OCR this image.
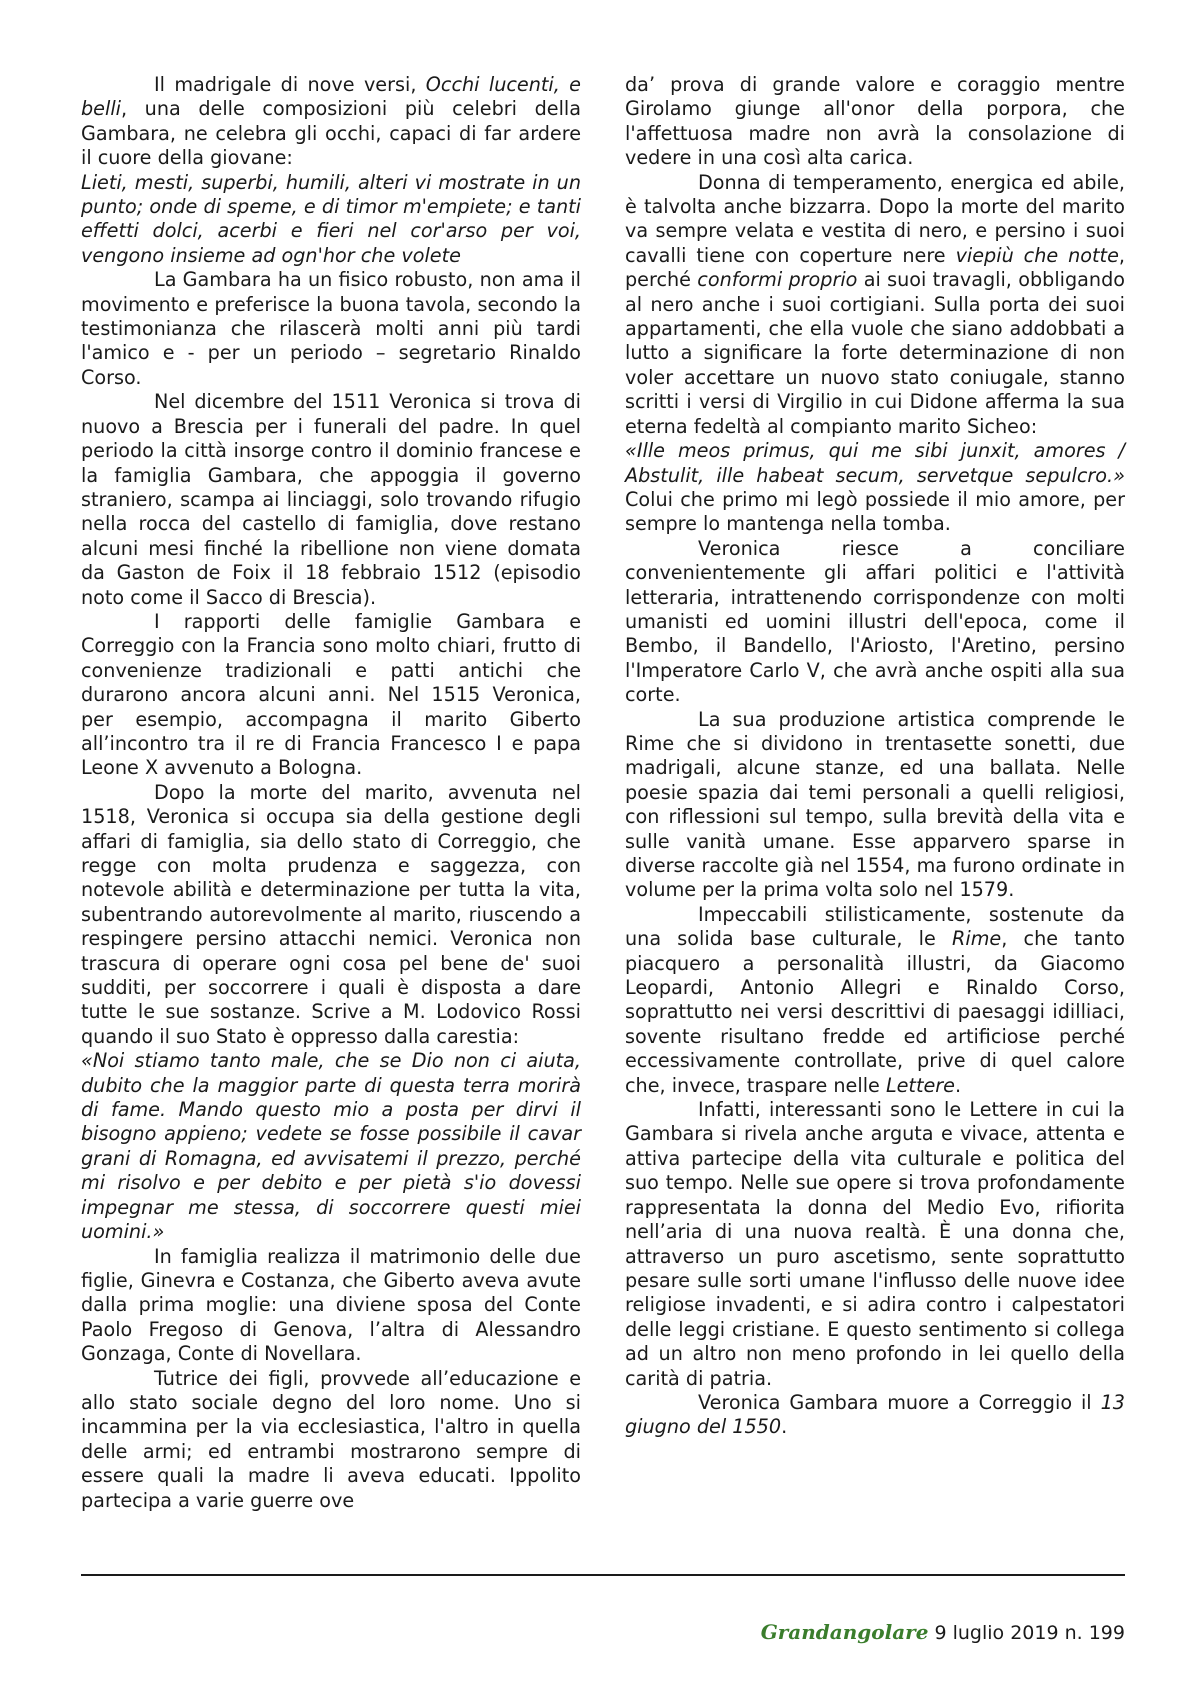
Il madrigale di nove versi, Occhi lucenti, e belli, una delle composizioni più celebri della Gambara, ne celebra gli occhi, capaci di far ardere il cuore della giovane:

Lieti, mesti, superbi, humili, alteri vi mostrate in un punto; onde di speme, e di timor m'empiete; e tanti effetti dolci, acerbi e fieri nel cor'arso per voi, vengono insieme ad ogn'hor che volete

La Gambara ha un fisico robusto, non ama il movimento e preferisce la buona tavola, secondo la testimonianza che rilascerà molti anni più tardi l'amico e - per un periodo – segretario Rinaldo Corso.

Nel dicembre del 1511 Veronica si trova di nuovo a Brescia per i funerali del padre. In quel periodo la città insorge contro il dominio francese e la famiglia Gambara, che appoggia il governo straniero, scampa ai linciaggi, solo trovando rifugio nella rocca del castello di famiglia, dove restano alcuni mesi finché la ribellione non viene domata da Gaston de Foix il 18 febbraio 1512 (episodio noto come il Sacco di Brescia).

I rapporti delle famiglie Gambara e Correggio con la Francia sono molto chiari, frutto di convenienze tradizionali e patti antichi che durarono ancora alcuni anni. Nel 1515 Veronica, per esempio, accompagna il marito Giberto all’incontro tra il re di Francia Francesco I e papa Leone X avvenuto a Bologna.

Dopo la morte del marito, avvenuta nel 1518, Veronica si occupa sia della gestione degli affari di famiglia, sia dello stato di Correggio, che regge con molta prudenza e saggezza, con notevole abilità e determinazione per tutta la vita, subentrando autorevolmente al marito, riuscendo a respingere persino attacchi nemici. Veronica non trascura di operare ogni cosa pel bene de' suoi sudditi, per soccorrere i quali è disposta a dare tutte le sue sostanze. Scrive a M. Lodovico Rossi quando il suo Stato è oppresso dalla carestia:

«Noi stiamo tanto male, che se Dio non ci aiuta, dubito che la maggior parte di questa terra morirà di fame. Mando questo mio a posta per dirvi il bisogno appieno; vedete se fosse possibile il cavar grani di Romagna, ed avvisatemi il prezzo, perché mi risolvo e per debito e per pietà s'io dovessi impegnar me stessa, di soccorrere questi miei uomini.»

In famiglia realizza il matrimonio delle due figlie, Ginevra e Costanza, che Giberto aveva avute dalla prima moglie: una diviene sposa del Conte Paolo Fregoso di Genova, l’altra di Alessandro Gonzaga, Conte di Novellara.

Tutrice dei figli, provvede all’educazione e allo stato sociale degno del loro nome. Uno si incammina per la via ecclesiastica, l'altro in quella delle armi; ed entrambi mostrarono sempre di essere quali la madre li aveva educati. Ippolito partecipa a varie guerre ove

da’ prova di grande valore e coraggio mentre Girolamo giunge all'onor della porpora, che l'affettuosa madre non avrà la consolazione di vedere in una così alta carica.

Donna di temperamento, energica ed abile, è talvolta anche bizzarra. Dopo la morte del marito va sempre velata e vestita di nero, e persino i suoi cavalli tiene con coperture nere viepiù che notte, perché conformi proprio ai suoi travagli, obbligando al nero anche i suoi cortigiani. Sulla porta dei suoi appartamenti, che ella vuole che siano addobbati a lutto a significare la forte determinazione di non voler accettare un nuovo stato coniugale, stanno scritti i versi di Virgilio in cui Didone afferma la sua eterna fedeltà al compianto marito Sicheo:

«Ille meos primus, qui me sibi junxit, amores / Abstulit, ille habeat secum, servetque sepulcro.» Colui che primo mi legò possiede il mio amore, per sempre lo mantenga nella tomba.

Veronica riesce a conciliare convenientemente gli affari politici e l'attività letteraria, intrattenendo corrispondenze con molti umanisti ed uomini illustri dell'epoca, come il Bembo, il Bandello, l'Ariosto, l'Aretino, persino l'Imperatore Carlo V, che avrà anche ospiti alla sua corte.

La sua produzione artistica comprende le Rime che si dividono in trentasette sonetti, due madrigali, alcune stanze, ed una ballata. Nelle poesie spazia dai temi personali a quelli religiosi, con riflessioni sul tempo, sulla brevità della vita e sulle vanità umane. Esse apparvero sparse in diverse raccolte già nel 1554, ma furono ordinate in volume per la prima volta solo nel 1579.

Impeccabili stilisticamente, sostenute da una solida base culturale, le Rime, che tanto piacquero a personalità illustri, da Giacomo Leopardi, Antonio Allegri e Rinaldo Corso, soprattutto nei versi descrittivi di paesaggi idilliaci, sovente risultano fredde ed artificiose perché eccessivamente controllate, prive di quel calore che, invece, traspare nelle Lettere.

Infatti, interessanti sono le Lettere in cui la Gambara si rivela anche arguta e vivace, attenta e attiva partecipe della vita culturale e politica del suo tempo. Nelle sue opere si trova profondamente rappresentata la donna del Medio Evo, rifiorita nell’aria di una nuova realtà. È una donna che, attraverso un puro ascetismo, sente soprattutto pesare sulle sorti umane l'influsso delle nuove idee religiose invadenti, e si adira contro i calpestatori delle leggi cristiane. E questo sentimento si collega ad un altro non meno profondo in lei quello della carità di patria.

Veronica Gambara muore a Correggio il 13 giugno del 1550.

Grandangolare 9 luglio 2019 n. 199
